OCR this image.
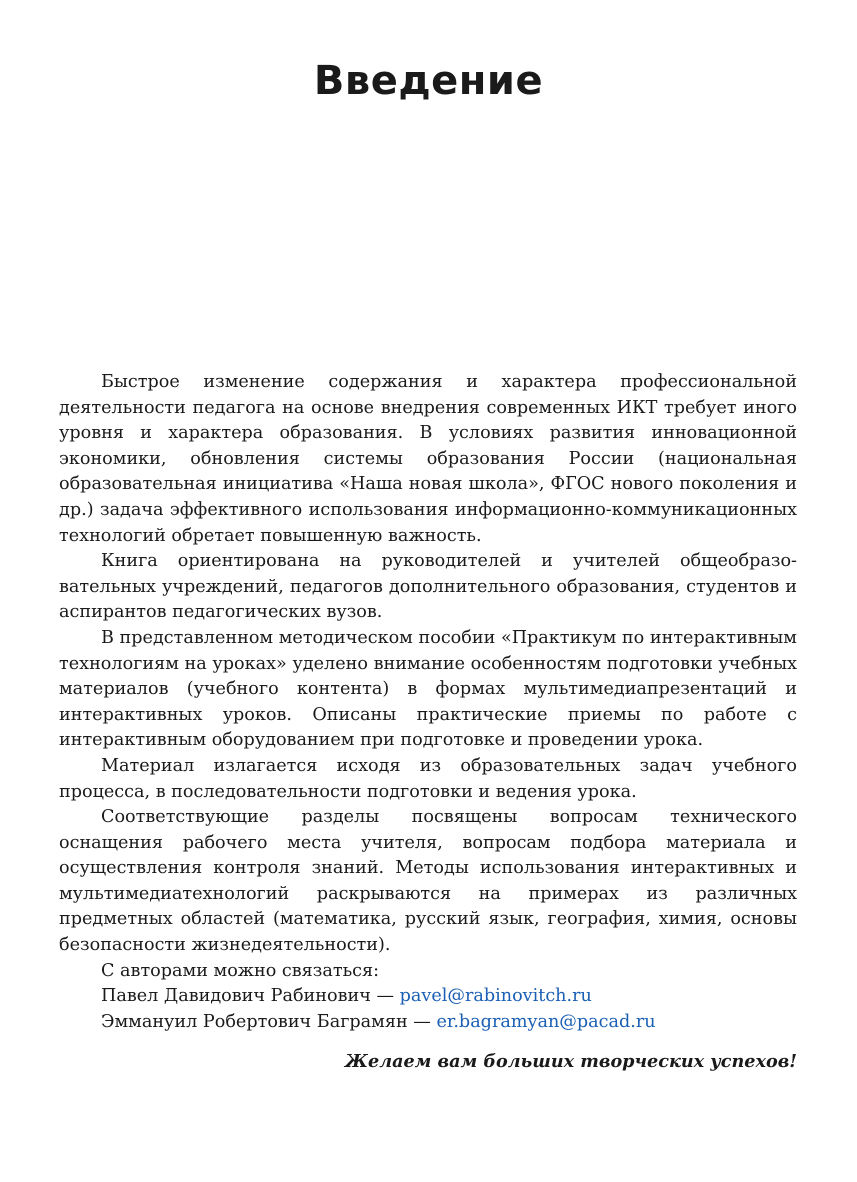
Введение

Быстрое изменение содержания и характера профессиональной деятельности педагога на основе внедрения современных ИКТ требует иного уровня и характера образования. В условиях развития инновационной экономики, обновления системы образования России (национальная образовательная инициатива «Наша новая школа», ФГОС нового поколения и др.) задача эффективного использования информационно-коммуникационных технологий обретает повышенную важность.

Книга ориентирована на руководителей и учителей общеобразовательных учреждений, педагогов дополнительного образования, студентов и аспирантов педагогических вузов.

В представленном методическом пособии «Практикум по интерактивным технологиям на уроках» уделено внимание особенностям подготовки учебных материалов (учебного контента) в формах мультимедиапрезентаций и интерактивных уроков. Описаны практические приемы по работе с интерактивным оборудованием при подготовке и проведении урока.

Материал излагается исходя из образовательных задач учебного процесса, в последовательности подготовки и ведения урока.

Соответствующие разделы посвящены вопросам технического оснащения рабочего места учителя, вопросам подбора материала и осуществления контроля знаний. Методы использования интерактивных и мультимедиатехнологий раскрываются на примерах из различных предметных областей (математика, русский язык, география, химия, основы безопасности жизнедеятельности).

С авторами можно связаться:

Павел Давидович Рабинович — pavel@rabinovitch.ru

Эммануил Робертович Баграмян — er.bagramyan@pacad.ru

Желаем вам больших творческих успехов!
